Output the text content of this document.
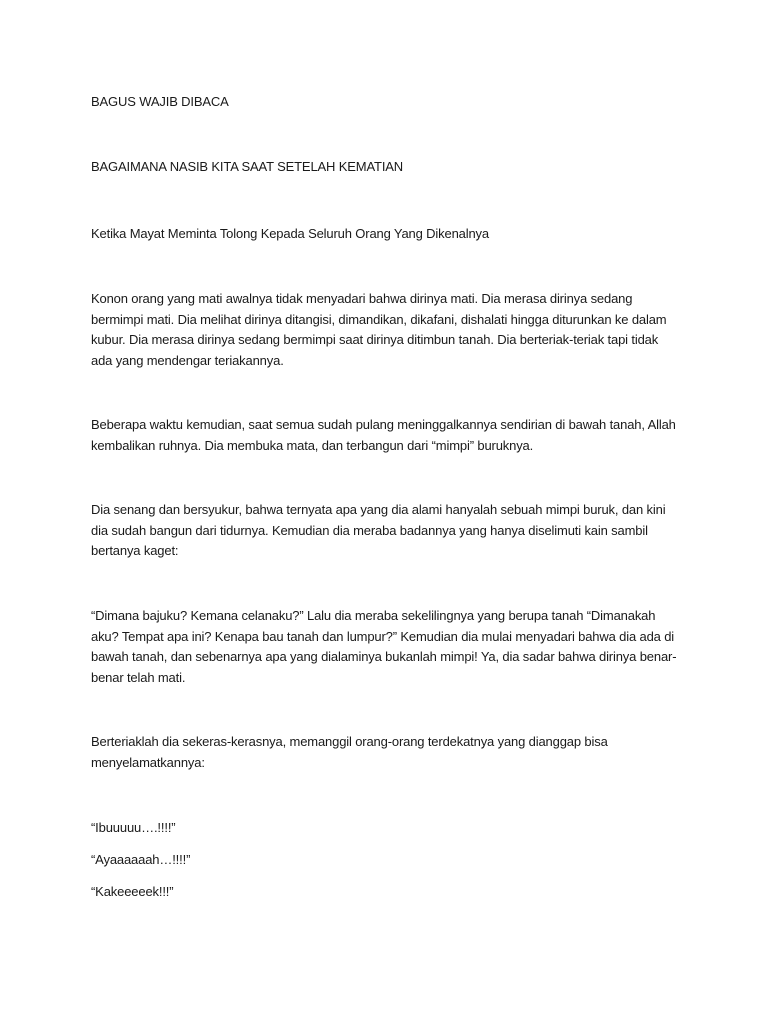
BAGUS WAJIB DIBACA

BAGAIMANA NASIB KITA SAAT SETELAH KEMATIAN

Ketika Mayat Meminta Tolong Kepada Seluruh Orang Yang Dikenalnya

Konon orang yang mati awalnya tidak menyadari bahwa dirinya mati. Dia merasa dirinya sedang bermimpi mati. Dia melihat dirinya ditangisi, dimandikan, dikafani, dishalati hingga diturunkan ke dalam kubur. Dia merasa dirinya sedang bermimpi saat dirinya ditimbun tanah. Dia berteriak-teriak tapi tidak ada yang mendengar teriakannya.

Beberapa waktu kemudian, saat semua sudah pulang meninggalkannya sendirian di bawah tanah, Allah kembalikan ruhnya. Dia membuka mata, dan terbangun dari “mimpi” buruknya.

Dia senang dan bersyukur, bahwa ternyata apa yang dia alami hanyalah sebuah mimpi buruk, dan kini dia sudah bangun dari tidurnya. Kemudian dia meraba badannya yang hanya diselimuti kain sambil bertanya kaget:

“Dimana bajuku? Kemana celanaku?” Lalu dia meraba sekelilingnya yang berupa tanah “Dimanakah aku? Tempat apa ini? Kenapa bau tanah dan lumpur?” Kemudian dia mulai menyadari bahwa dia ada di bawah tanah, dan sebenarnya apa yang dialaminya bukanlah mimpi! Ya, dia sadar bahwa dirinya benar-benar telah mati.

Berteriaklah dia sekeras-kerasnya, memanggil orang-orang terdekatnya yang dianggap bisa menyelamatkannya:

“Ibuuuuu….!!!!”

“Ayaaaaaah…!!!!”

“Kakeeeeek!!!”
